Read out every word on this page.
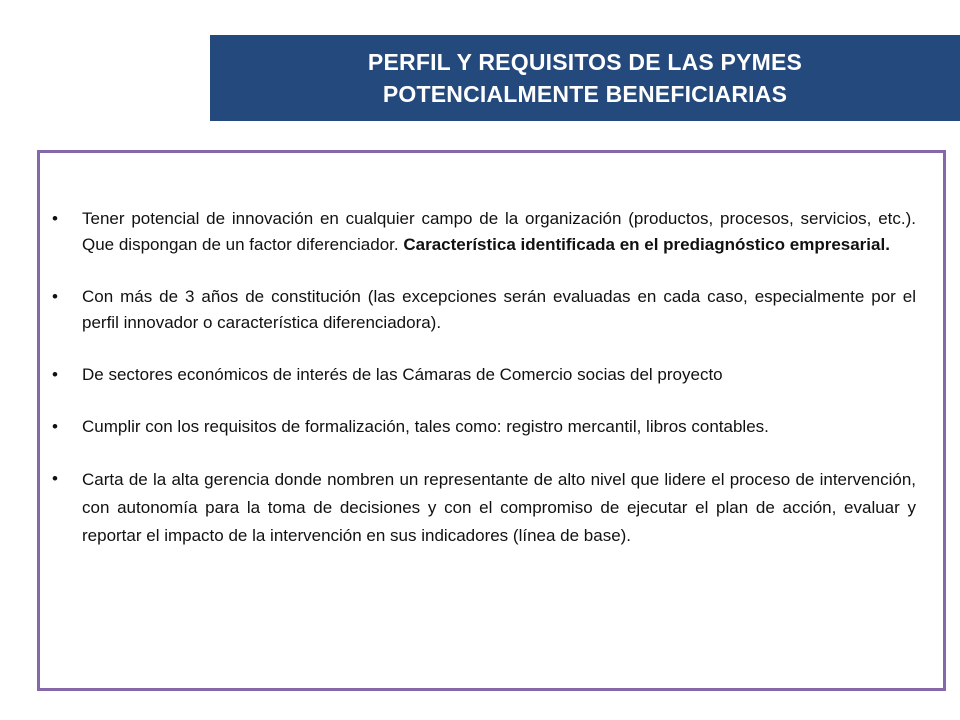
PERFIL Y REQUISITOS DE LAS PYMES
POTENCIALMENTE BENEFICIARIAS
• Tener potencial de innovación en cualquier campo de la organización (productos, procesos, servicios, etc.). Que dispongan de un factor diferenciador. Característica identificada en el prediagnóstico empresarial.
• Con más de 3 años de constitución (las excepciones serán evaluadas en cada caso, especialmente por el perfil innovador o característica diferenciadora).
• De sectores económicos de interés de las Cámaras de Comercio socias del proyecto
• Cumplir con los requisitos de formalización, tales como: registro mercantil, libros contables.
• Carta de la alta gerencia donde nombren un representante de alto nivel que lidere el proceso de intervención, con autonomía para la toma de decisiones y con el compromiso de ejecutar el plan de acción, evaluar y reportar el impacto de la intervención en sus indicadores (línea de base).
